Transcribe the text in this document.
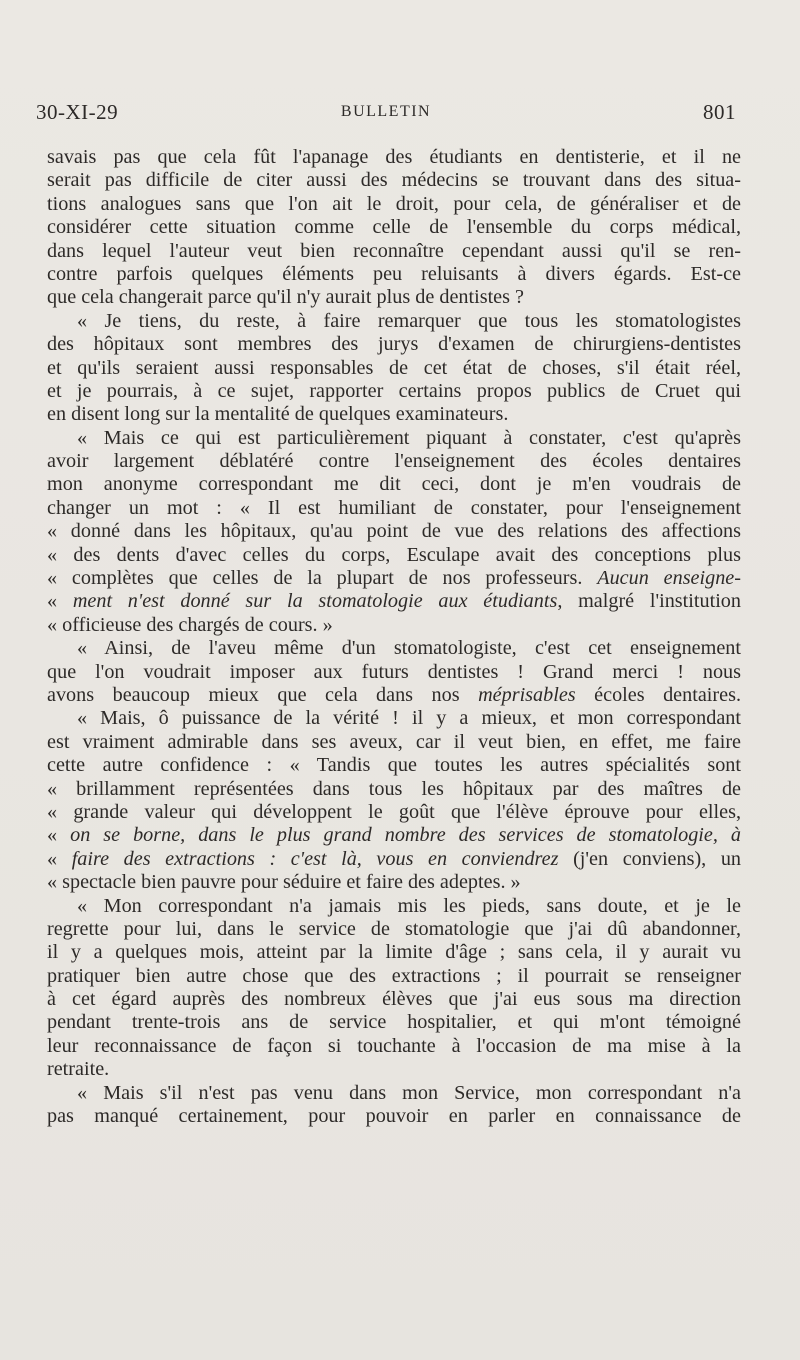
30-XI-29	BULLETIN	801
savais pas que cela fût l'apanage des étudiants en dentisterie, et il ne
serait pas difficile de citer aussi des médecins se trouvant dans des situa-
tions analogues sans que l'on ait le droit, pour cela, de généraliser et de
considérer cette situation comme celle de l'ensemble du corps médical,
dans lequel l'auteur veut bien reconnaître cependant aussi qu'il se ren-
contre parfois quelques éléments peu reluisants à divers égards. Est-ce
que cela changerait parce qu'il n'y aurait plus de dentistes ?
« Je tiens, du reste, à faire remarquer que tous les stomatologistes
des hôpitaux sont membres des jurys d'examen de chirurgiens-dentistes
et qu'ils seraient aussi responsables de cet état de choses, s'il était réel,
et je pourrais, à ce sujet, rapporter certains propos publics de Cruet qui
en disent long sur la mentalité de quelques examinateurs.
« Mais ce qui est particulièrement piquant à constater, c'est qu'après
avoir largement déblatéré contre l'enseignement des écoles dentaires
mon anonyme correspondant me dit ceci, dont je m'en voudrais de
changer un mot : « Il est humiliant de constater, pour l'enseignement
« donné dans les hôpitaux, qu'au point de vue des relations des affections
« des dents d'avec celles du corps, Esculape avait des conceptions plus
« complètes que celles de la plupart de nos professeurs. Aucun enseigne-
« ment n'est donné sur la stomatologie aux étudiants, malgré l'institution
« officieuse des chargés de cours. »
« Ainsi, de l'aveu même d'un stomatologiste, c'est cet enseignement
que l'on voudrait imposer aux futurs dentistes ! Grand merci ! nous
avons beaucoup mieux que cela dans nos méprisables écoles dentaires.
« Mais, ô puissance de la vérité ! il y a mieux, et mon correspondant
est vraiment admirable dans ses aveux, car il veut bien, en effet, me faire
cette autre confidence : « Tandis que toutes les autres spécialités sont
« brillamment représentées dans tous les hôpitaux par des maîtres de
« grande valeur qui développent le goût que l'élève éprouve pour elles,
« on se borne, dans le plus grand nombre des services de stomatologie, à
« faire des extractions : c'est là, vous en conviendrez (j'en conviens), un
« spectacle bien pauvre pour séduire et faire des adeptes. »
« Mon correspondant n'a jamais mis les pieds, sans doute, et je le
regrette pour lui, dans le service de stomatologie que j'ai dû abandonner,
il y a quelques mois, atteint par la limite d'âge ; sans cela, il y aurait vu
pratiquer bien autre chose que des extractions ; il pourrait se renseigner
à cet égard auprès des nombreux élèves que j'ai eus sous ma direction
pendant trente-trois ans de service hospitalier, et qui m'ont témoigné
leur reconnaissance de façon si touchante à l'occasion de ma mise à la
retraite.
« Mais s'il n'est pas venu dans mon Service, mon correspondant n'a
pas manqué certainement, pour pouvoir en parler en connaissance de
